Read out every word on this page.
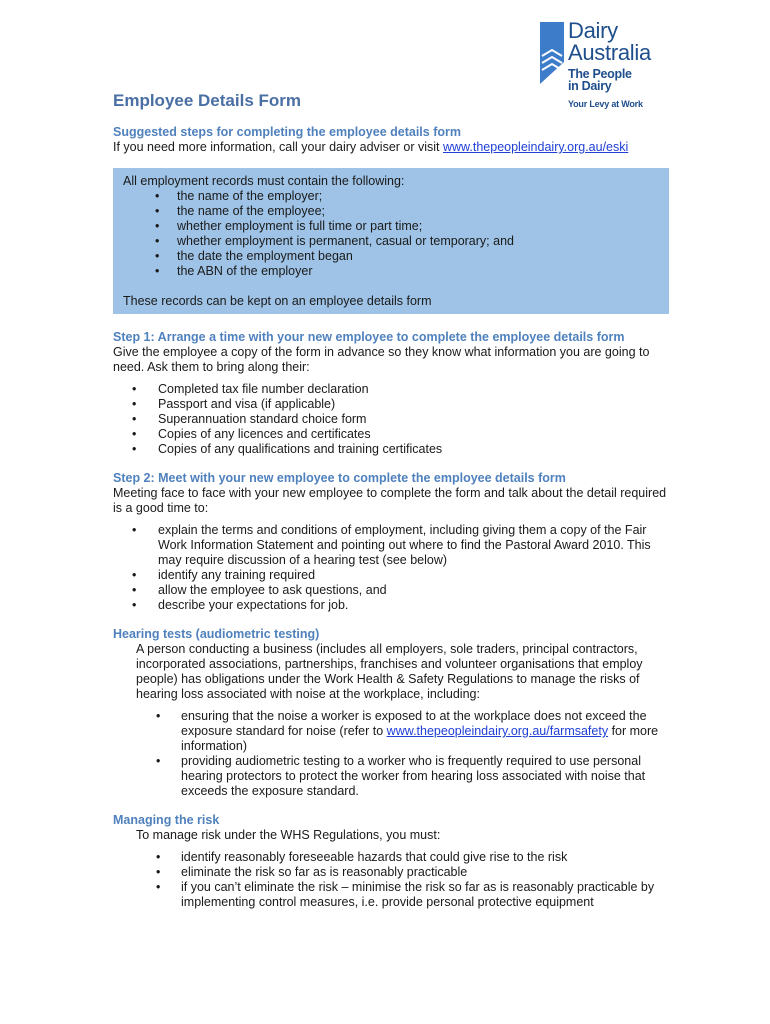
Dairy
Australia
The People
in Dairy
Your Levy at Work
Employee Details Form

Suggested steps for completing the employee details form

If you need more information, call your dairy adviser or visit www.thepeopleindairy.org.au/eski

All employment records must contain the following:

• the name of the employer;
• the name of the employee;
• whether employment is full time or part time;
• whether employment is permanent, casual or temporary; and
• the date the employment began
• the ABN of the employer

These records can be kept on an employee details form

Step 1: Arrange a time with your new employee to complete the employee details form

Give the employee a copy of the form in advance so they know what information you are going to need. Ask them to bring along their:

• Completed tax file number declaration
• Passport and visa (if applicable)
• Superannuation standard choice form
• Copies of any licences and certificates
• Copies of any qualifications and training certificates

Step 2: Meet with your new employee to complete the employee details form

Meeting face to face with your new employee to complete the form and talk about the detail required is a good time to:

• explain the terms and conditions of employment, including giving them a copy of the Fair Work Information Statement and pointing out where to find the Pastoral Award 2010. This may require discussion of a hearing test (see below)
• identify any training required
• allow the employee to ask questions, and
• describe your expectations for job.

Hearing tests (audiometric testing)

A person conducting a business (includes all employers, sole traders, principal contractors, incorporated associations, partnerships, franchises and volunteer organisations that employ people) has obligations under the Work Health & Safety Regulations to manage the risks of hearing loss associated with noise at the workplace, including:

• ensuring that the noise a worker is exposed to at the workplace does not exceed the exposure standard for noise (refer to www.thepeopleindairy.org.au/farmsafety for more information)
• providing audiometric testing to a worker who is frequently required to use personal hearing protectors to protect the worker from hearing loss associated with noise that exceeds the exposure standard.

Managing the risk

To manage risk under the WHS Regulations, you must:

• identify reasonably foreseeable hazards that could give rise to the risk
• eliminate the risk so far as is reasonably practicable
• if you can’t eliminate the risk – minimise the risk so far as is reasonably practicable by implementing control measures, i.e. provide personal protective equipment
